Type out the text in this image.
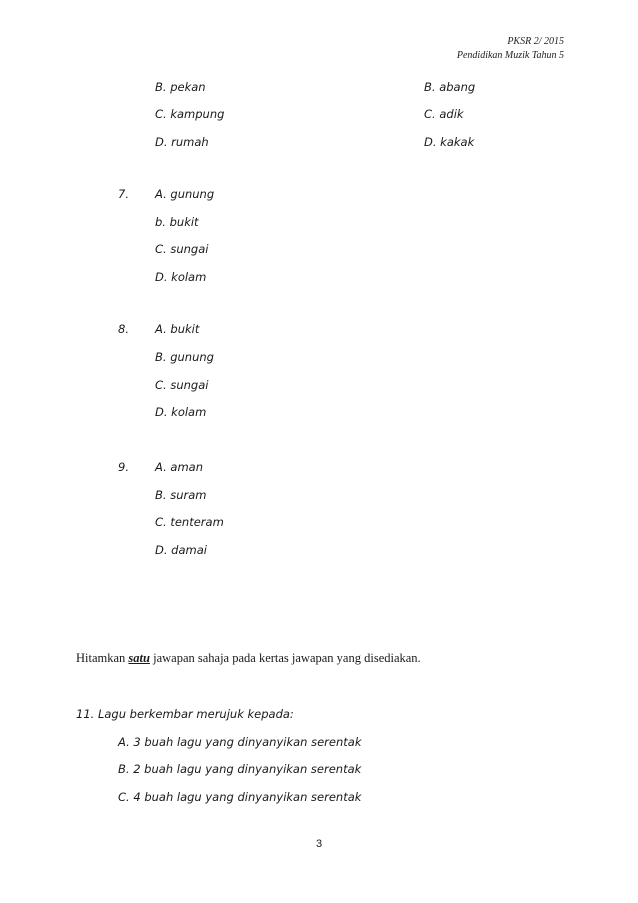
PKSR 2/ 2015
Pendidikan Muzik Tahun 5
B. pekan
C. kampung
D. rumah
B. abang
C. adik
D. kakak
7. A. gunung
b. bukit
C. sungai
D. kolam
8. A. bukit
B. gunung
C. sungai
D. kolam
9. A. aman
B. suram
C. tenteram
D. damai
Hitamkan satu jawapan sahaja pada kertas jawapan yang disediakan.
11. Lagu berkembar merujuk kepada:
A. 3 buah lagu yang dinyanyikan serentak
B. 2 buah lagu yang dinyanyikan serentak
C. 4 buah lagu yang dinyanyikan serentak
3
